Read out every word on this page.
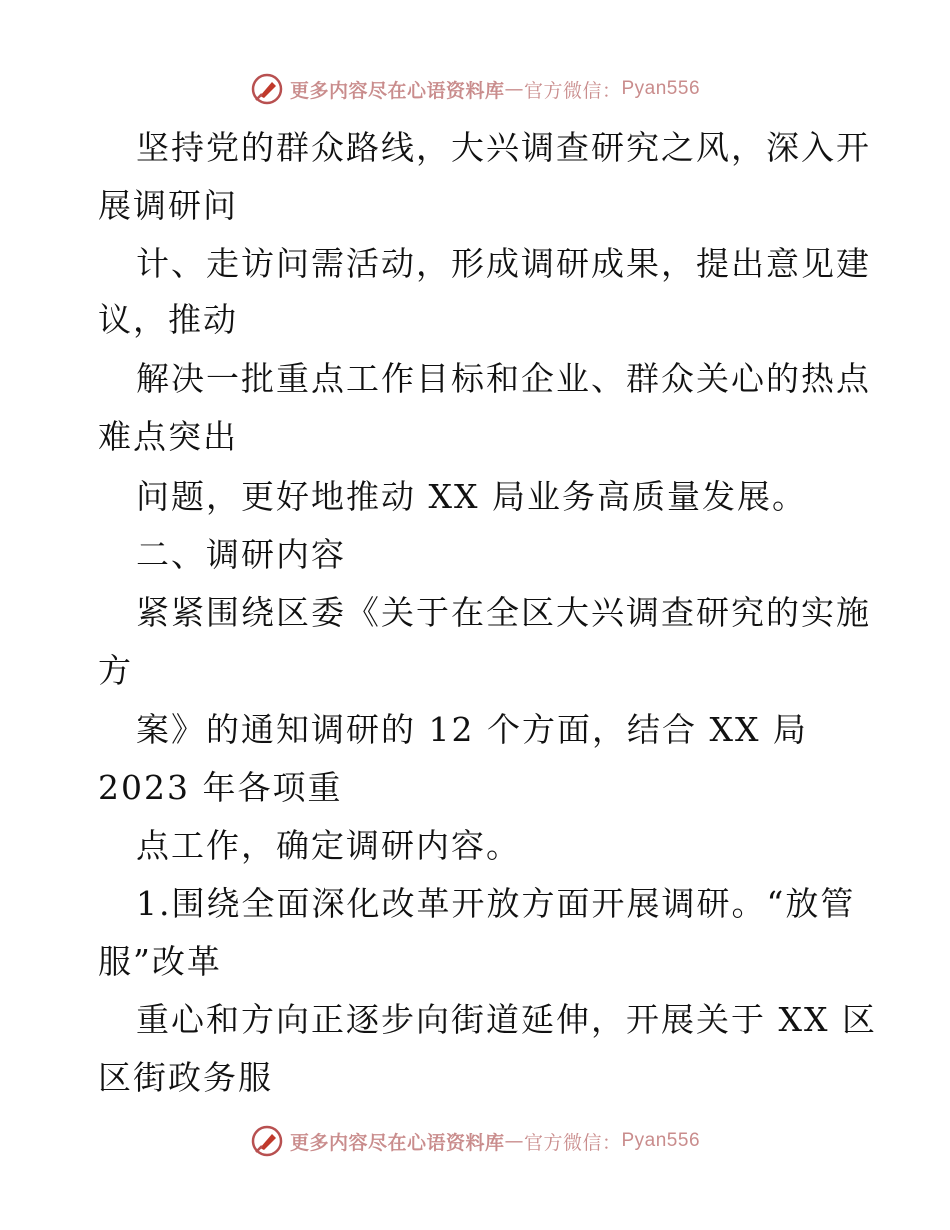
更多内容尽在心语资料库 — 官方微信： Pyan556
坚持党的群众路线，大兴调查研究之风，深入开
展调研问
计、走访问需活动，形成调研成果，提出意见建
议，推动
解决一批重点工作目标和企业、群众关心的热点
难点突出
问题，更好地推动 XX 局业务高质量发展。
二、调研内容
紧紧围绕区委《关于在全区大兴调查研究的实施
方
案》的通知调研的 12 个方面，结合 XX 局
2023 年各项重
点工作，确定调研内容。
1.围绕全面深化改革开放方面开展调研。“放管
服”改革
重心和方向正逐步向街道延伸，开展关于 XX 区
区街政务服
更多内容尽在心语资料库 — 官方微信： Pyan556
